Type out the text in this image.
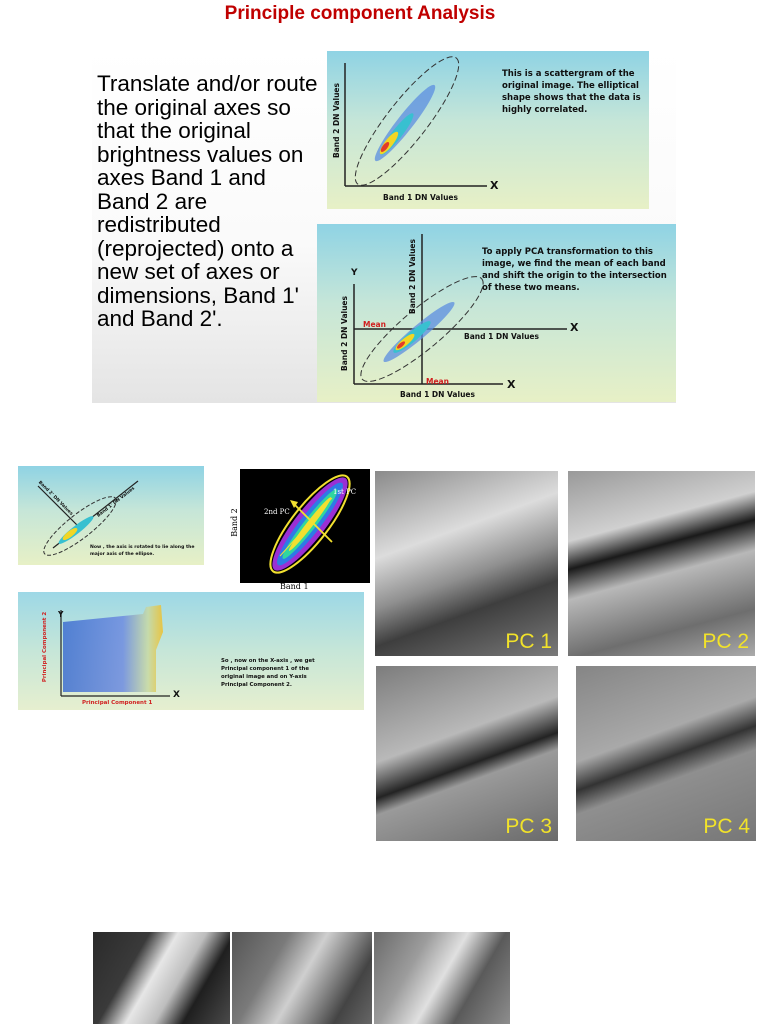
Principle component Analysis
Translate and/or route the original axes so that the original brightness values on axes Band 1 and Band 2 are redistributed (reprojected) onto a new set of axes or dimensions, Band 1' and Band 2'.
Band 2 DN Values
Band 1 DN Values
X
This is a scattergram of the original image. The elliptical shape shows that the data is highly correlated.
Y
Band 2 DN Values
Band 2 DN Values
Mean
Band 1 DN Values
X
Mean
Band 1 DN Values
X
To apply PCA transformation to this image, we find the mean of each band and shift the origin to the intersection of these two means.
Band 2' DN Values	Band 1' DN Values
Now , the axis is rotated to lie along the major axis of the ellipse.
1st PC
2nd PC
Band 1
Band 2
Y
X
Principal Component 2
Principal Component 1
So , now on the X-axis , we get Principal component 1 of the original image and on Y-axis Principal Component 2.
PC 1	PC 2
PC 3	PC 4
